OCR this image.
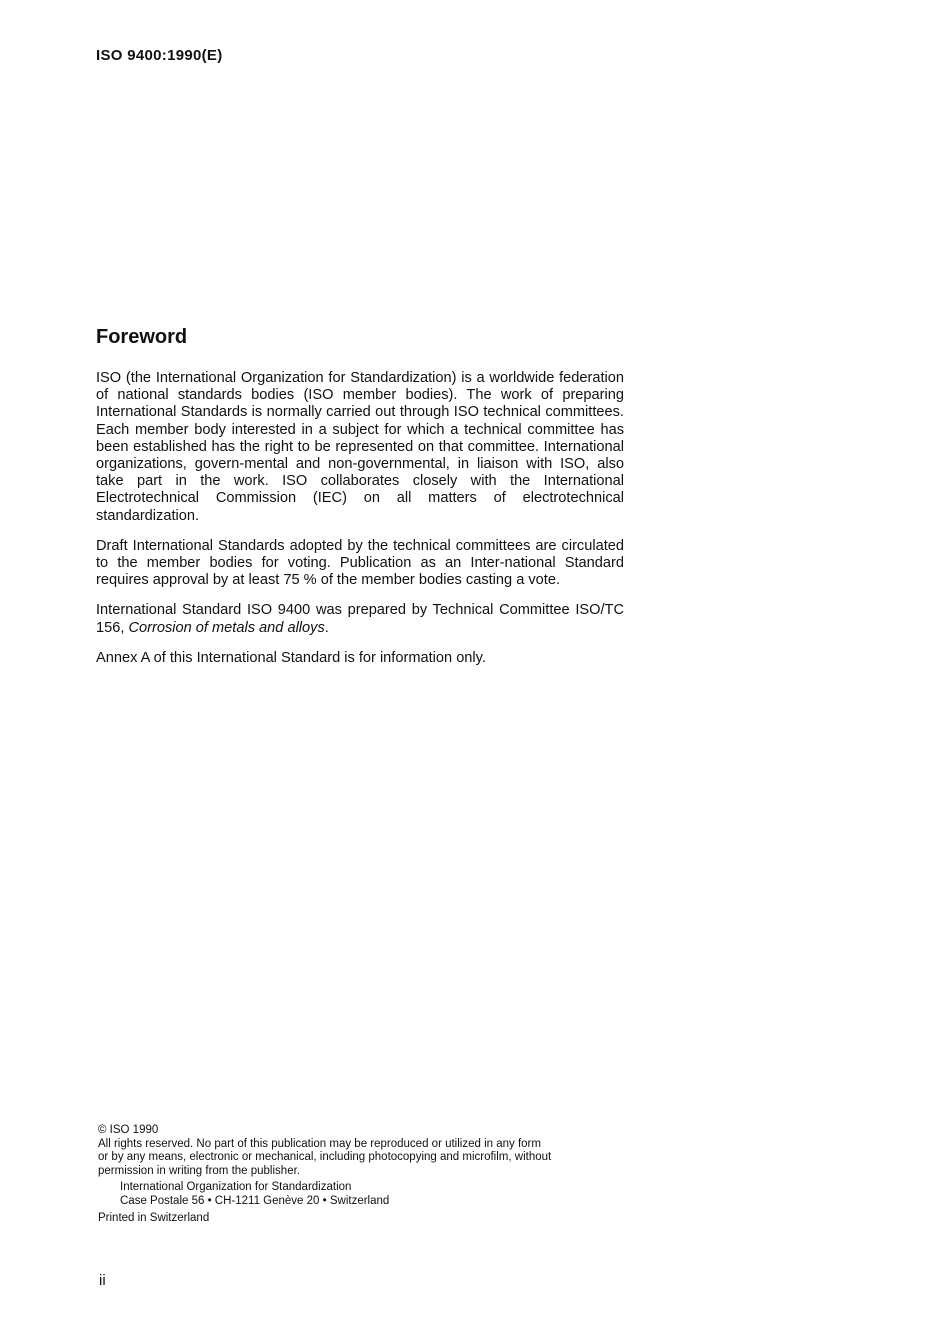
ISO 9400:1990(E)
Foreword

ISO (the International Organization for Standardization) is a worldwide federation of national standards bodies (ISO member bodies). The work of preparing International Standards is normally carried out through ISO technical committees. Each member body interested in a subject for which a technical committee has been established has the right to be represented on that committee. International organizations, govern-mental and non-governmental, in liaison with ISO, also take part in the work. ISO collaborates closely with the International Electrotechnical Commission (IEC) on all matters of electrotechnical standardization.

Draft International Standards adopted by the technical committees are circulated to the member bodies for voting. Publication as an Inter-national Standard requires approval by at least 75 % of the member bodies casting a vote.

International Standard ISO 9400 was prepared by Technical Committee ISO/TC 156, Corrosion of metals and alloys.

Annex A of this International Standard is for information only.

© ISO 1990
All rights reserved. No part of this publication may be reproduced or utilized in any form
or by any means, electronic or mechanical, including photocopying and microfilm, without
permission in writing from the publisher.
International Organization for Standardization
Case Postale 56 • CH-1211 Genève 20 • Switzerland
Printed in Switzerland
ii
